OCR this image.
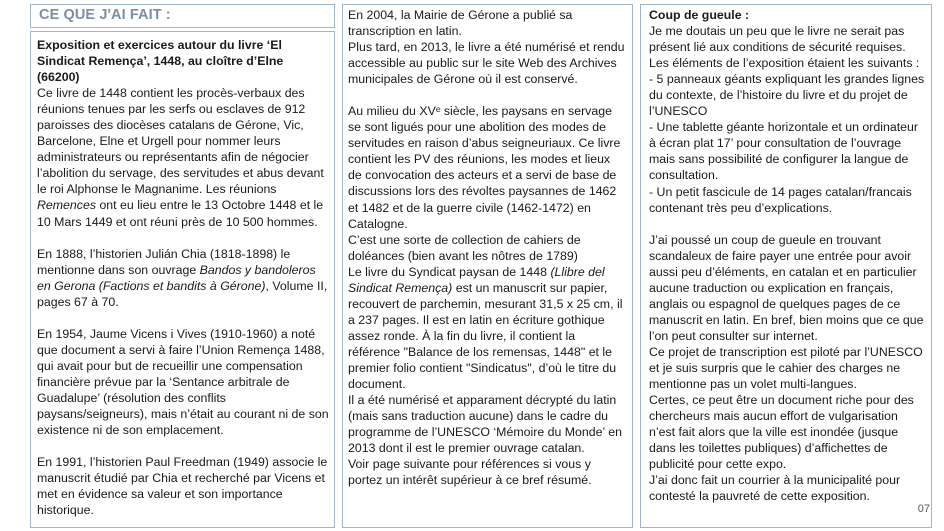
CE QUE J'AI FAIT :
Exposition et exercices autour du livre ‘El Sindicat Remença’, 1448, au cloître d’Elne (66200)
Ce livre de 1448 contient les procès-verbaux des réunions tenues par les serfs ou esclaves de 912 paroisses des diocèses catalans de Gérone, Vic, Barcelone, Elne et Urgell pour nommer leurs administrateurs ou représentants afin de négocier l’abolition du servage, des servitudes et abus devant le roi Alphonse le Magnanime. Les réunions Remences ont eu lieu entre le 13 Octobre 1448 et le 10 Mars 1449 et ont réuni près de 10 500 hommes.
En 1888, l’historien Julián Chia (1818-1898) le mentionne dans son ouvrage Bandos y bandoleros en Gerona (Factions et bandits à Gérone), Volume II, pages 67 à 70.
En 1954, Jaume Vicens i Vives (1910-1960) a noté que document a servi à faire l’Union Remença 1488, qui avait pour but de recueillir une compensation financière prévue par la ‘Sentance arbitrale de Guadalupe’ (résolution des conflits paysans/seigneurs), mais n’était au courant ni de son existence ni de son emplacement.
En 1991, l’historien Paul Freedman (1949) associe le manuscrit étudié par Chia et recherché par Vicens et met en évidence sa valeur et son importance historique.
En 2004, la Mairie de Gérone a publié sa transcription en latin.
Plus tard, en 2013, le livre a été numérisé et rendu accessible au public sur le site Web des Archives municipales de Gérone où il est conservé.
Au milieu du XVᵉ siècle, les paysans en servage se sont ligués pour une abolition des modes de servitudes en raison d’abus seigneuriaux. Ce livre contient les PV des réunions, les modes et lieux de convocation des acteurs et a servi de base de discussions lors des révoltes paysannes de 1462 et 1482 et de la guerre civile (1462-1472) en Catalogne.
C’est une sorte de collection de cahiers de doléances (bien avant les nôtres de 1789)
Le livre du Syndicat paysan de 1448 (Llibre del Sindicat Remença) est un manuscrit sur papier, recouvert de parchemin, mesurant 31,5 x 25 cm, il a 237 pages. Il est en latin en écriture gothique assez ronde. À la fin du livre, il contient la référence "Balance de los remensas, 1448" et le premier folio contient "Sindicatus", d’où le titre du document.
Il a été numérisé et apparament décrypté du latin (mais sans traduction aucune) dans le cadre du programme de l’UNESCO ‘Mémoire du Monde’ en 2013 dont il est le premier ouvrage catalan.
Voir page suivante pour références si vous y portez un intérêt supérieur à ce bref résumé.
Coup de gueule :
Je me doutais un peu que le livre ne serait pas présent lié aux conditions de sécurité requises.
Les éléments de l’exposition étaient les suivants :
- 5 panneaux géants expliquant les grandes lignes du contexte, de l’histoire du livre et du projet de l’UNESCO
- Une tablette géante horizontale et un ordinateur à écran plat 17’ pour consultation de l’ouvrage mais sans possibilité de configurer la langue de consultation.
- Un petit fascicule de 14 pages catalan/francais contenant très peu d’explications.
J’ai poussé un coup de gueule en trouvant scandaleux de faire payer une entrée pour avoir aussi peu d’éléments, en catalan et en particulier aucune traduction ou explication en français, anglais ou espagnol de quelques pages de ce manuscrit en latin. En bref, bien moins que ce que l’on peut consulter sur internet.
Ce projet de transcription est piloté par l’UNESCO et je suis surpris que le cahier des charges ne mentionne pas un volet multi-langues.
Certes, ce peut être un document riche pour des chercheurs mais aucun effort de vulgarisation n’est fait alors que la ville est inondée (jusque dans les toilettes publiques) d’affichettes de publicité pour cette expo.
J’ai donc fait un courrier à la municipalité pour contesté la pauvreté de cette exposition.
07
